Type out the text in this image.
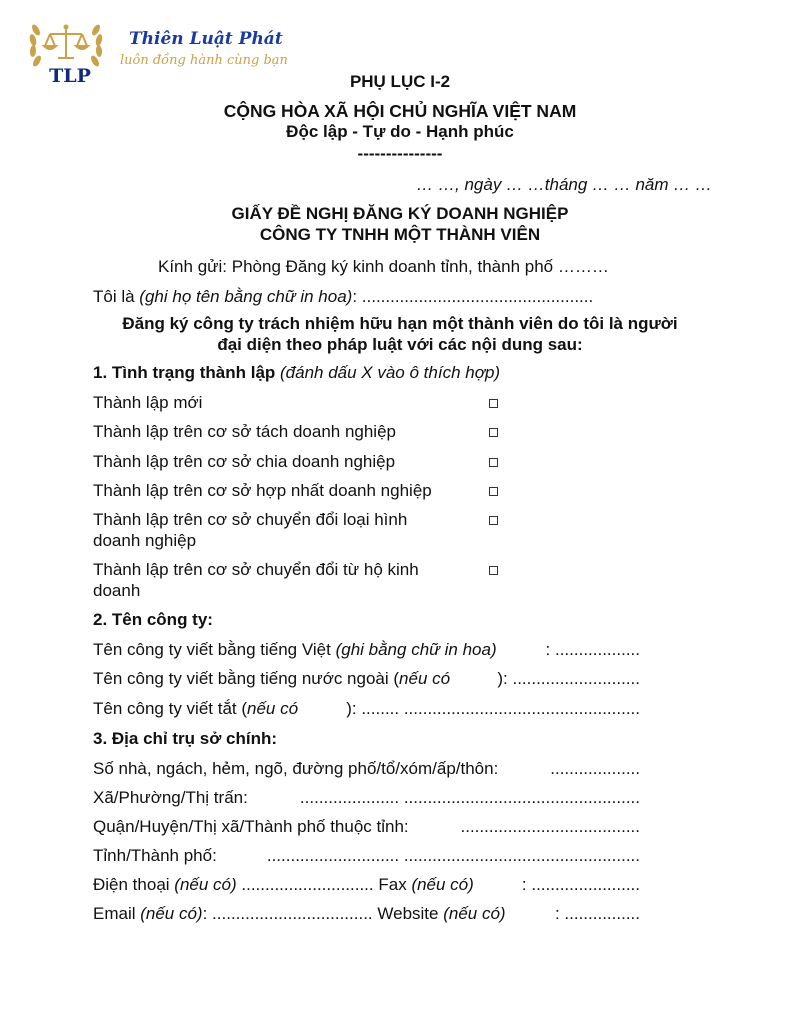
TLP
Thiên Luật Phát
luôn đồng hành cùng bạn
PHỤ LỤC I-2
CỘNG HÒA XÃ HỘI CHỦ NGHĨA VIỆT NAM
Độc lập - Tự do - Hạnh phúc
---------------
… …, ngày … …tháng … … năm … …
GIẤY ĐỀ NGHỊ ĐĂNG KÝ DOANH NGHIỆP
CÔNG TY TNHH MỘT THÀNH VIÊN
Kính gửi: Phòng Đăng ký kinh doanh tỉnh, thành phố ………
Tôi là (ghi họ tên bằng chữ in hoa): .................................................
Đăng ký công ty trách nhiệm hữu hạn một thành viên do tôi là người
đại diện theo pháp luật với các nội dung sau:
1. Tình trạng thành lập (đánh dấu X vào ô thích hợp)
Thành lập mới
Thành lập trên cơ sở tách doanh nghiệp
Thành lập trên cơ sở chia doanh nghiệp
Thành lập trên cơ sở hợp nhất doanh nghiệp
Thành lập trên cơ sở chuyển đổi loại hình
doanh nghiệp
Thành lập trên cơ sở chuyển đổi từ hộ kinh
doanh
2. Tên công ty:
Tên công ty viết bằng tiếng Việt (ghi bằng chữ in hoa)	: ..................
Tên công ty viết bằng tiếng nước ngoài (nếu có	): ...........................
Tên công ty viết tắt (nếu có	): ........ ..................................................
3. Địa chỉ trụ sở chính:
Số nhà, ngách, hẻm, ngõ, đường phố/tổ/xóm/ấp/thôn:	...................
Xã/Phường/Thị trấn:	..................... ..................................................
Quận/Huyện/Thị xã/Thành phố thuộc tỉnh:	......................................
Tỉnh/Thành phố:	............................ ..................................................
Điện thoại (nếu có) ............................ Fax (nếu có)	: .......................
Email (nếu có): .................................. Website (nếu có)	: ................
